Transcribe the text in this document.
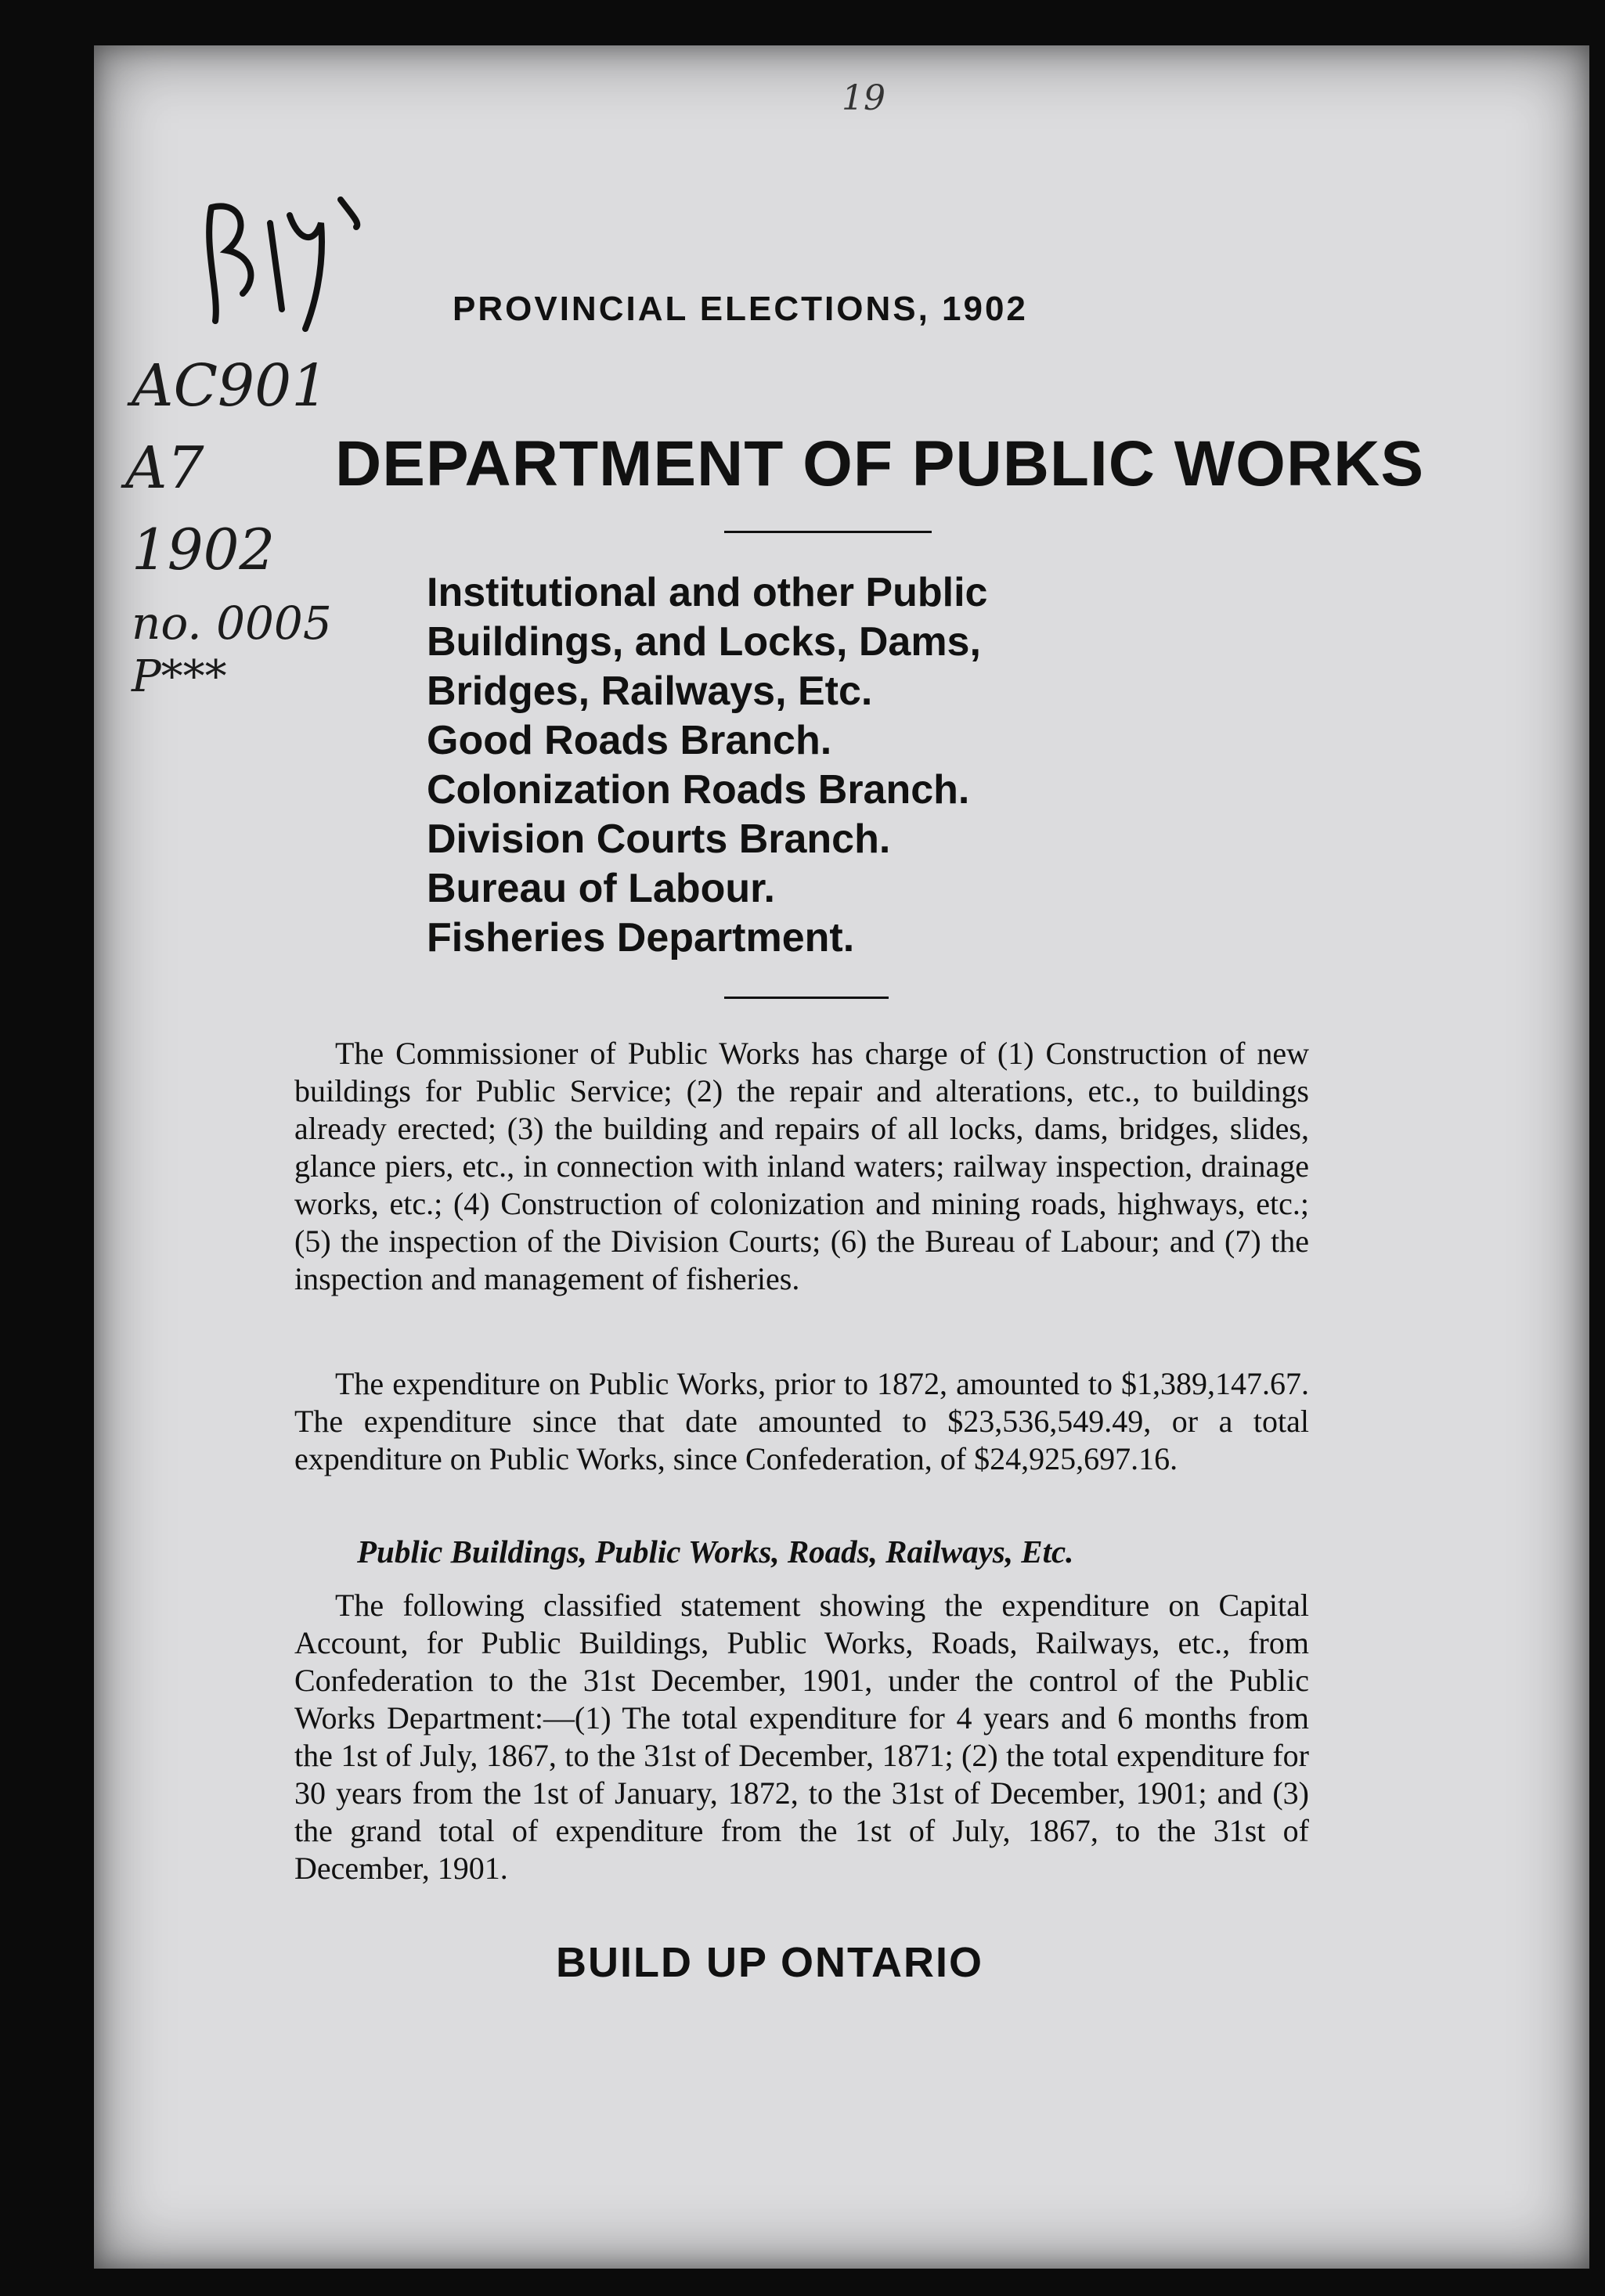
19
AC901
A7
1902
no. 0005
P***
PROVINCIAL ELECTIONS, 1902
DEPARTMENT OF PUBLIC WORKS
Institutional and other Public
Buildings, and Locks, Dams,
Bridges, Railways, Etc.
Good Roads Branch.
Colonization Roads Branch.
Division Courts Branch.
Bureau of Labour.
Fisheries Department.

The Commissioner of Public Works has charge of (1) Construction of new buildings for Public Service; (2) the repair and alterations, etc., to buildings already erected; (3) the building and repairs of all locks, dams, bridges, slides, glance piers, etc., in connection with inland waters; railway inspection, drainage works, etc.; (4) Construction of colonization and mining roads, highways, etc.; (5) the inspection of the Division Courts; (6) the Bureau of Labour; and (7) the inspection and management of fisheries.

The expenditure on Public Works, prior to 1872, amounted to $1,389,147.67. The expenditure since that date amounted to $23,536,549.49, or a total expenditure on Public Works, since Confederation, of $24,925,697.16.

Public Buildings, Public Works, Roads, Railways, Etc.

The following classified statement showing the expenditure on Capital Account, for Public Buildings, Public Works, Roads, Railways, etc., from Confederation to the 31st December, 1901, under the control of the Public Works Department:—(1) The total expenditure for 4 years and 6 months from the 1st of July, 1867, to the 31st of December, 1871; (2) the total expenditure for 30 years from the 1st of January, 1872, to the 31st of December, 1901; and (3) the grand total of expenditure from the 1st of July, 1867, to the 31st of December, 1901.

BUILD UP ONTARIO
